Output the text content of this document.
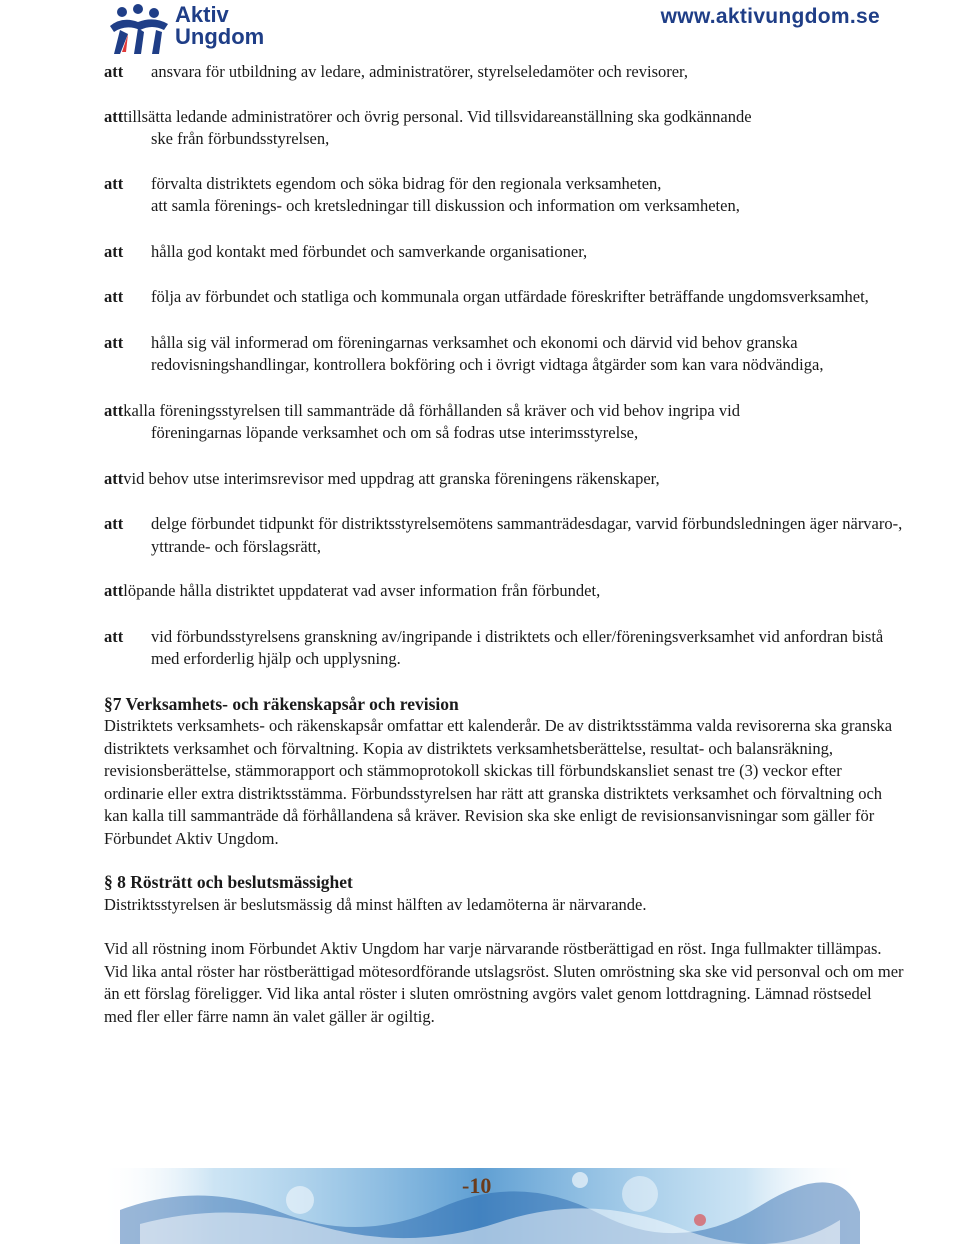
Aktiv
Ungdom
www.aktivungdom.se
att ansvara för utbildning av ledare, administratörer, styrelseledamöter och revisorer,
atttillsätta ledande administratörer och övrig personal. Vid tillsvidareanställning ska godkännande
ske från förbundsstyrelsen,
att förvalta distriktets egendom och söka bidrag för den regionala verksamheten,
att samla förenings- och kretsledningar till diskussion och information om verksamheten,
att hålla god kontakt med förbundet och samverkande organisationer,
att följa av förbundet och statliga och kommunala organ utfärdade föreskrifter beträffande ungdomsverksamhet,
att hålla sig väl informerad om föreningarnas verksamhet och ekonomi och därvid vid behov granska redovisningshandlingar, kontrollera bokföring och i övrigt vidtaga åtgärder som kan vara nödvändiga,
attkalla föreningsstyrelsen till sammanträde då förhållanden så kräver och vid behov ingripa vid
föreningarnas löpande verksamhet och om så fodras utse interimsstyrelse,
attvid behov utse interimsrevisor med uppdrag att granska föreningens räkenskaper,
att delge förbundet tidpunkt för distriktsstyrelsemötens sammanträdesdagar, varvid förbundsledningen äger närvaro-, yttrande- och förslagsrätt,
attlöpande hålla distriktet uppdaterat vad avser information från förbundet,
att vid förbundsstyrelsens granskning av/ingripande i distriktets och eller/föreningsverksamhet vid anfordran bistå med erforderlig hjälp och upplysning.
§7 Verksamhets- och räkenskapsår och revision

Distriktets verksamhets- och räkenskapsår omfattar ett kalenderår. De av distriktsstämma valda revisorerna ska granska distriktets verksamhet och förvaltning. Kopia av distriktets verksamhetsberättelse, resultat- och balansräkning, revisionsberättelse, stämmorapport och stämmoprotokoll skickas till förbundskansliet senast tre (3) veckor efter ordinarie eller extra distriktsstämma. Förbundsstyrelsen har rätt att granska distriktets verksamhet och förvaltning och kan kalla till sammanträde då förhållandena så kräver. Revision ska ske enligt de revisionsanvisningar som gäller för Förbundet Aktiv Ungdom.

§ 8 Rösträtt och beslutsmässighet

Distriktsstyrelsen är beslutsmässig då minst hälften av ledamöterna är närvarande.

Vid all röstning inom Förbundet Aktiv Ungdom har varje närvarande röstberättigad en röst. Inga fullmakter tillämpas. Vid lika antal röster har röstberättigad mötesordförande utslagsröst. Sluten omröstning ska ske vid personval och om mer än ett förslag föreligger. Vid lika antal röster i sluten omröstning avgörs valet genom lottdragning. Lämnad röstsedel med fler eller färre namn än valet gäller är ogiltig.

-10
